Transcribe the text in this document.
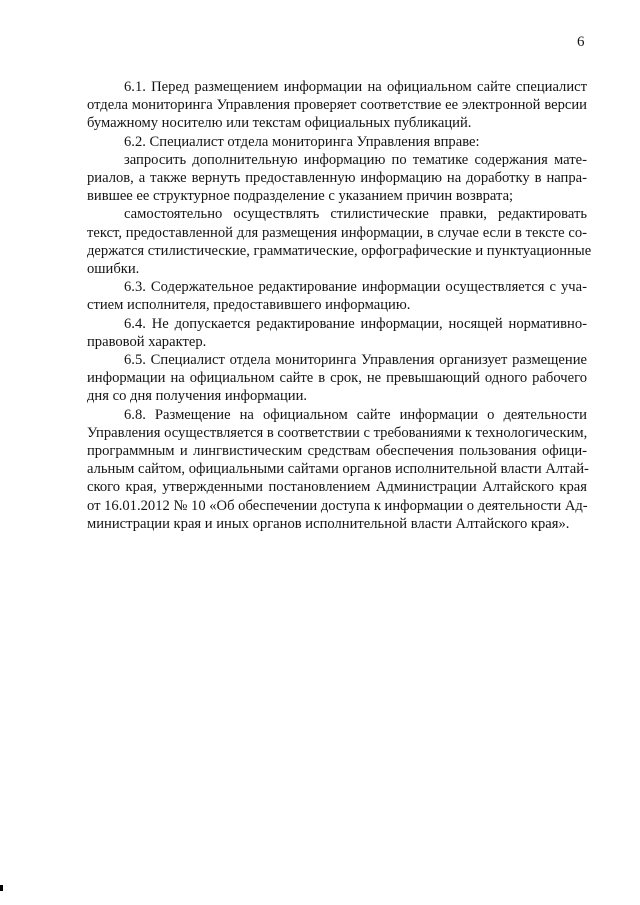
6

6.1. Перед размещением информации на официальном сайте специалист
отдела мониторинга Управления проверяет соответствие ее электронной версии
бумажному носителю или текстам официальных публикаций.

6.2. Специалист отдела мониторинга Управления вправе:

запросить дополнительную информацию по тематике содержания мате-
риалов, а также вернуть предоставленную информацию на доработку в напра-
вившее ее структурное подразделение с указанием причин возврата;

самостоятельно осуществлять стилистические правки, редактировать
текст, предоставленной для размещения информации, в случае если в тексте со-
держатся стилистические, грамматические, орфографические и пунктуационные
ошибки.

6.3. Содержательное редактирование информации осуществляется с уча-
стием исполнителя, предоставившего информацию.

6.4. Не допускается редактирование информации, носящей нормативно-
правовой характер.

6.5. Специалист отдела мониторинга Управления организует размещение
информации на официальном сайте в срок, не превышающий одного рабочего
дня со дня получения информации.

6.8. Размещение на официальном сайте информации о деятельности
Управления осуществляется в соответствии с требованиями к технологическим,
программным и лингвистическим средствам обеспечения пользования офици-
альным сайтом, официальными сайтами органов исполнительной власти Алтай-
ского края, утвержденными постановлением Администрации Алтайского края
от 16.01.2012 № 10 «Об обеспечении доступа к информации о деятельности Ад-
министрации края и иных органов исполнительной власти Алтайского края».
